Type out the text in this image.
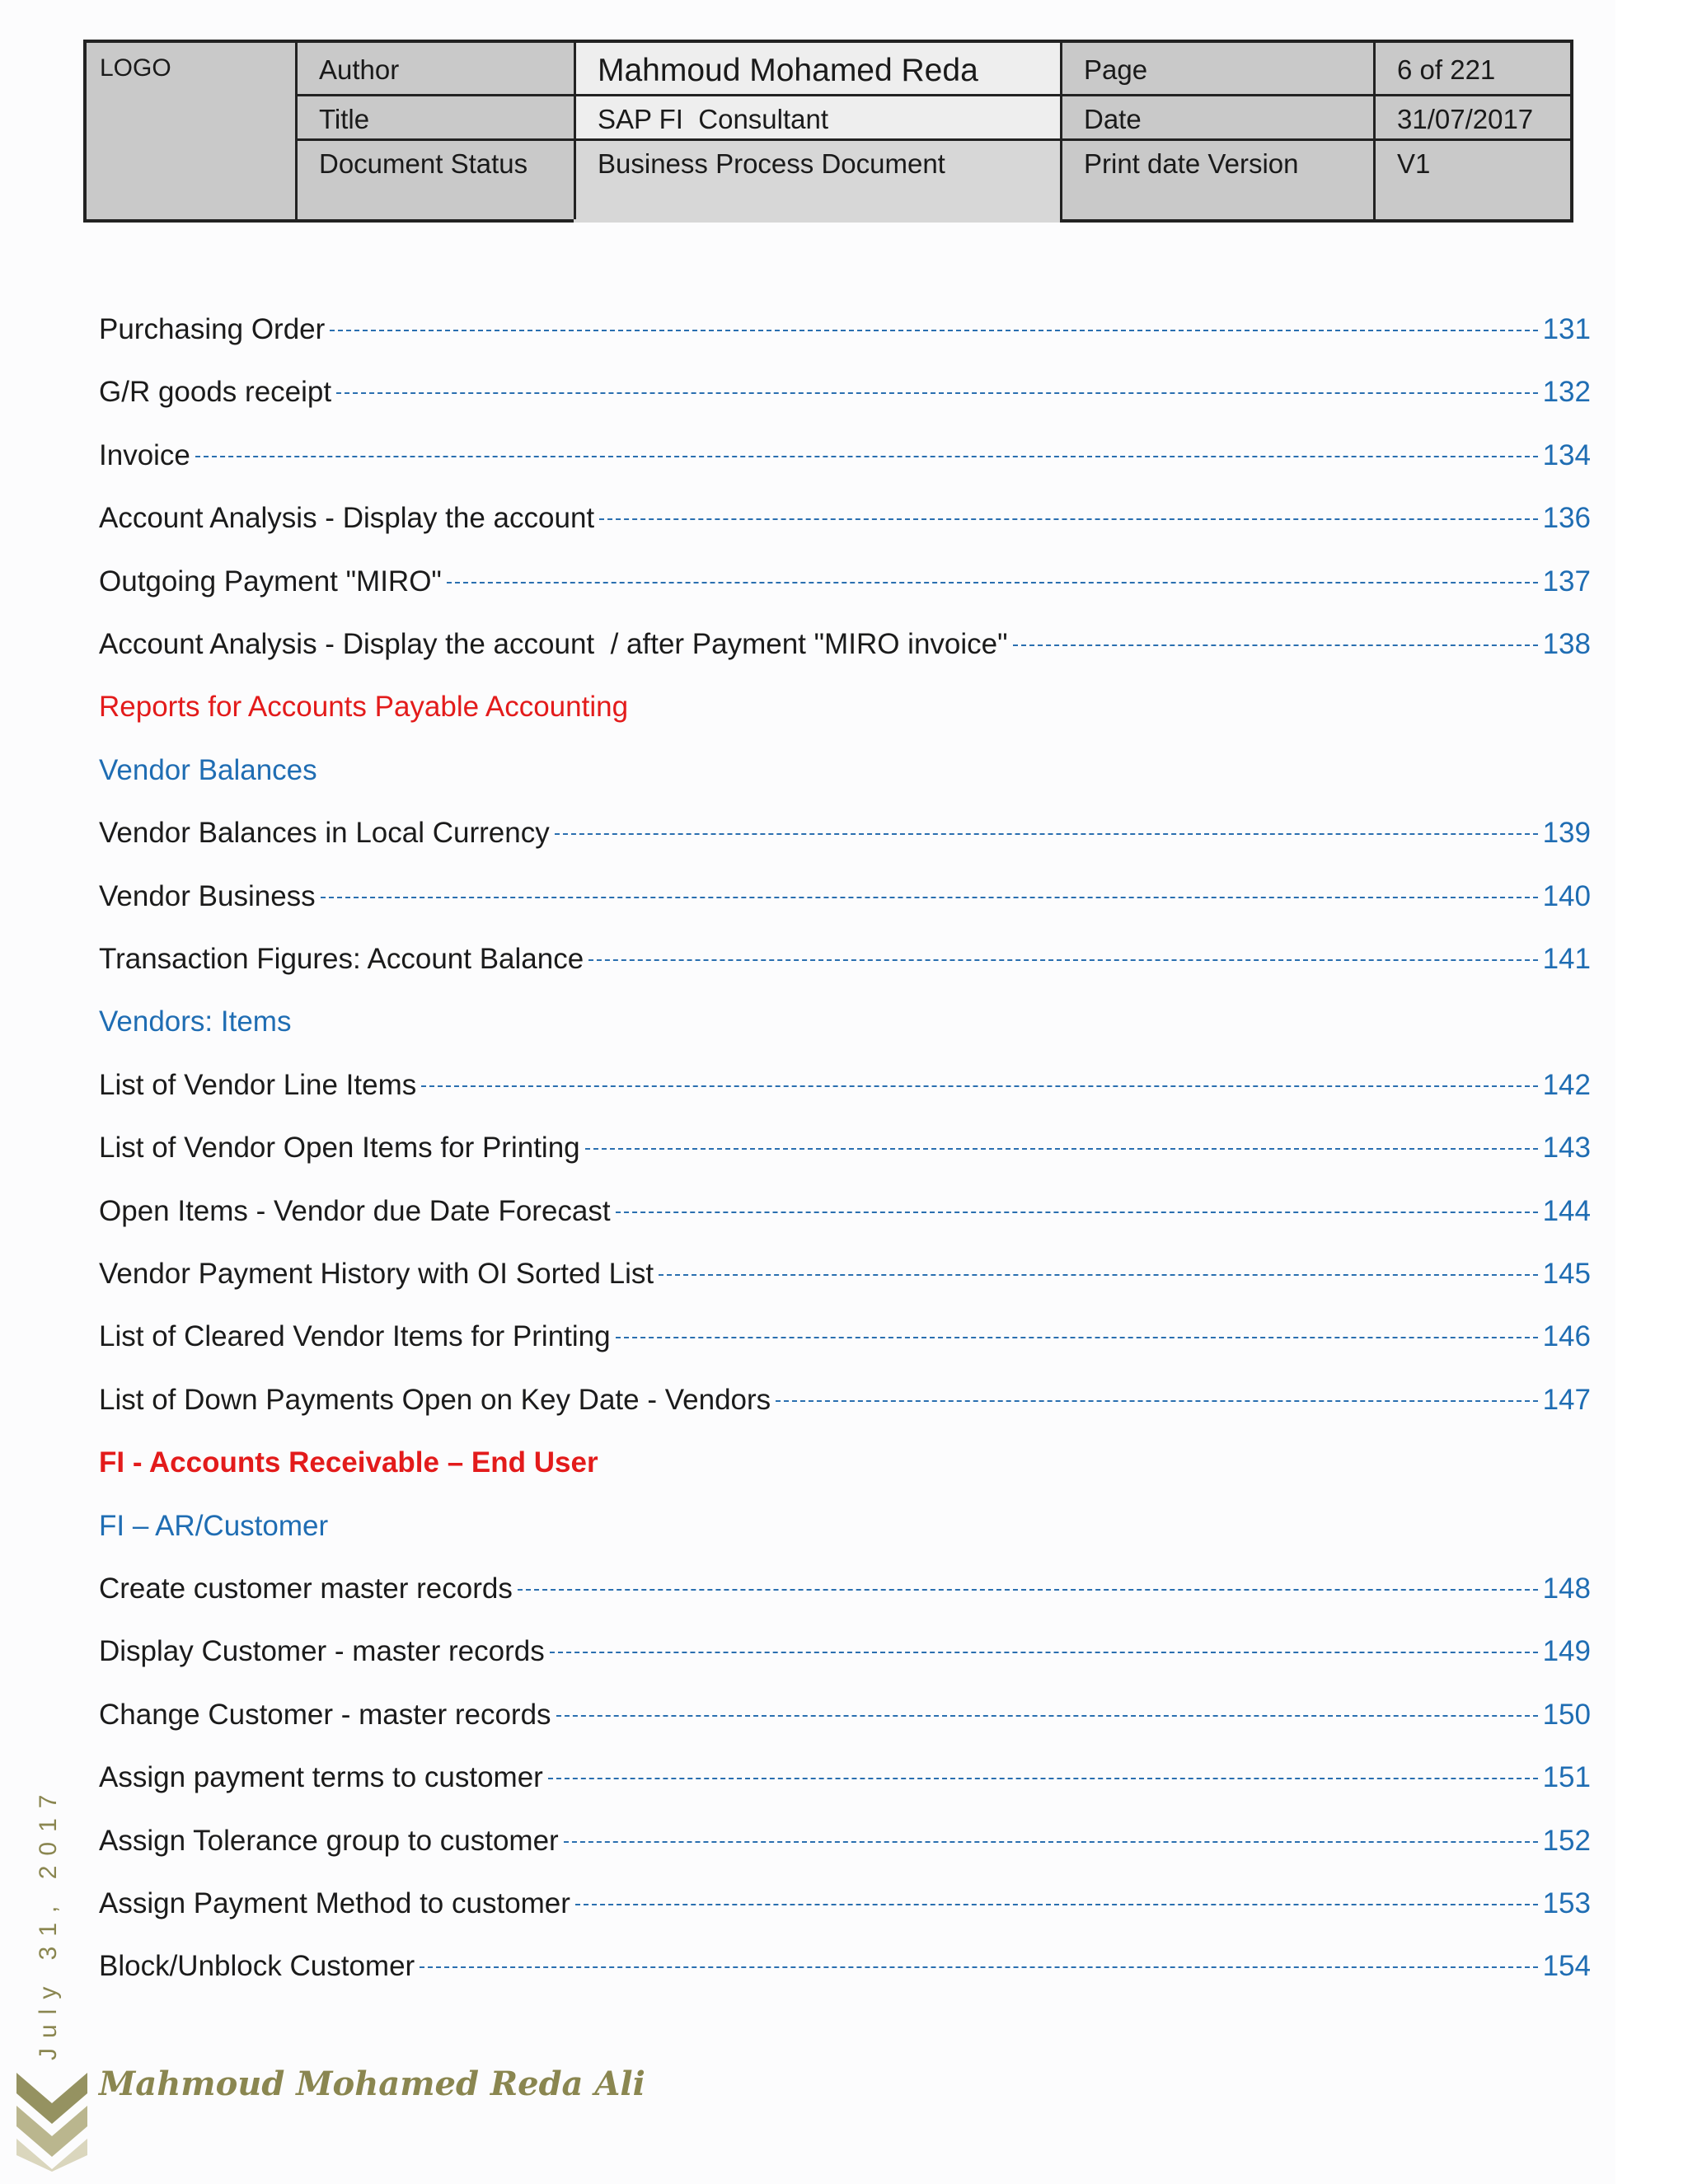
LOGO	Author	Mahmoud Mohamed Reda	Page	6 of 221
Title	SAP FI  Consultant	Date	31/07/2017
Document Status	Business Process Document	Print date Version	V1
Purchasing Order	131
G/R goods receipt	132
Invoice	134
Account Analysis - Display the account	136
Outgoing Payment "MIRO"	137
Account Analysis - Display the account  / after Payment "MIRO invoice"	138
Reports for Accounts Payable Accounting
Vendor Balances
Vendor Balances in Local Currency	139
Vendor Business	140
Transaction Figures: Account Balance	141
Vendors: Items
List of Vendor Line Items	142
List of Vendor Open Items for Printing	143
Open Items - Vendor due Date Forecast	144
Vendor Payment History with OI Sorted List	145
List of Cleared Vendor Items for Printing	146
List of Down Payments Open on Key Date - Vendors	147
FI - Accounts Receivable – End User
FI – AR/Customer
Create customer master records	148
Display Customer - master records	149
Change Customer - master records	150
Assign payment terms to customer	151
Assign Tolerance group to customer	152
Assign Payment Method to customer	153
Block/Unblock Customer	154
July 31, 2017
Mahmoud Mohamed Reda Ali
